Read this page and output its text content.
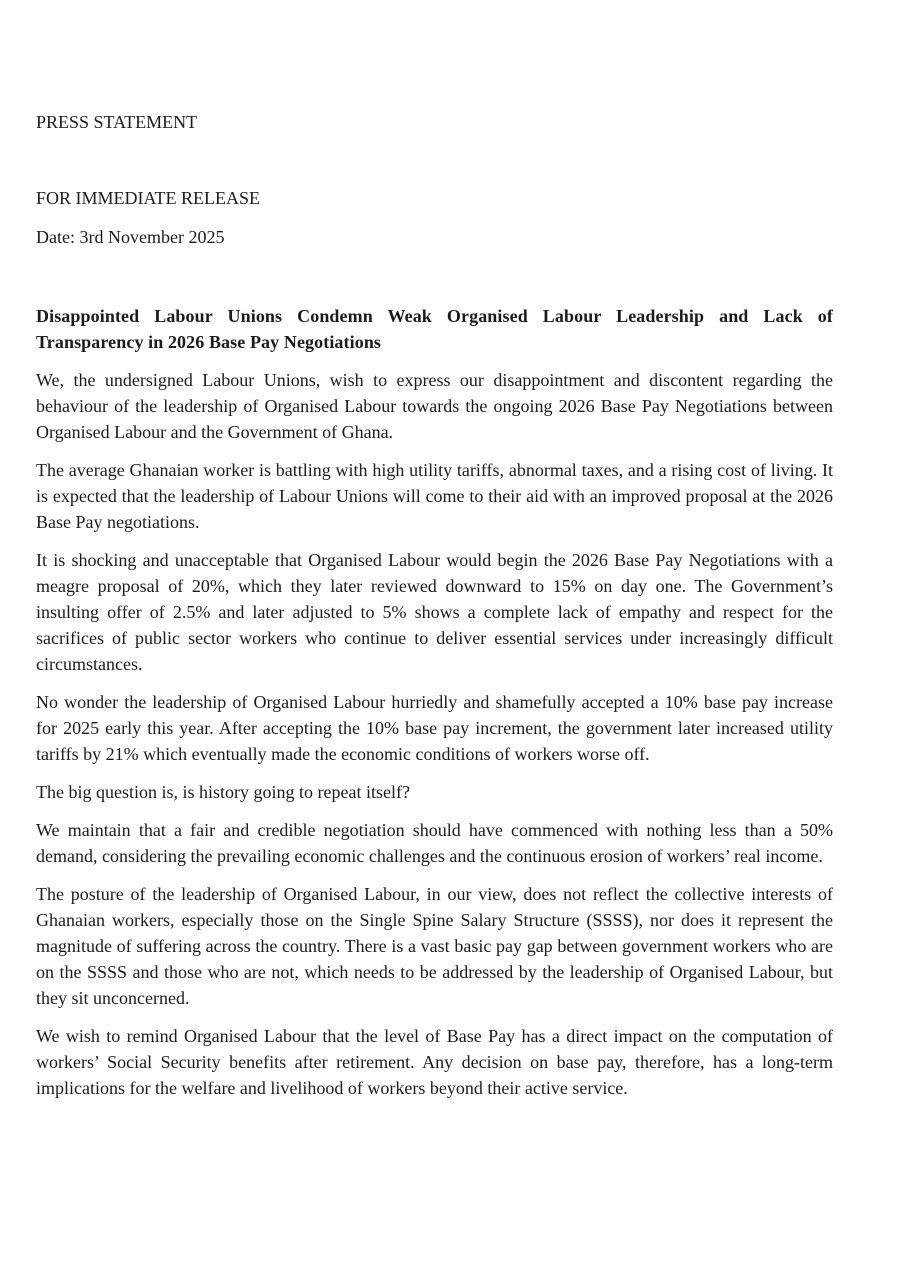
PRESS STATEMENT

FOR IMMEDIATE RELEASE

Date: 3rd November 2025

Disappointed Labour Unions Condemn Weak Organised Labour Leadership and Lack of Transparency in 2026 Base Pay Negotiations

We, the undersigned Labour Unions, wish to express our disappointment and discontent regarding the behaviour of the leadership of Organised Labour towards the ongoing 2026 Base Pay Negotiations between Organised Labour and the Government of Ghana.

The average Ghanaian worker is battling with high utility tariffs, abnormal taxes, and a rising cost of living. It is expected that the leadership of Labour Unions will come to their aid with an improved proposal at the 2026 Base Pay negotiations.

It is shocking and unacceptable that Organised Labour would begin the 2026 Base Pay Negotiations with a meagre proposal of 20%, which they later reviewed downward to 15% on day one. The Government’s insulting offer of 2.5% and later adjusted to 5% shows a complete lack of empathy and respect for the sacrifices of public sector workers who continue to deliver essential services under increasingly difficult circumstances.

No wonder the leadership of Organised Labour hurriedly and shamefully accepted a 10% base pay increase for 2025 early this year. After accepting the 10% base pay increment, the government later increased utility tariffs by 21% which eventually made the economic conditions of workers worse off.

The big question is, is history going to repeat itself?

We maintain that a fair and credible negotiation should have commenced with nothing less than a 50% demand, considering the prevailing economic challenges and the continuous erosion of workers’ real income.

The posture of the leadership of Organised Labour, in our view, does not reflect the collective interests of Ghanaian workers, especially those on the Single Spine Salary Structure (SSSS), nor does it represent the magnitude of suffering across the country. There is a vast basic pay gap between government workers who are on the SSSS and those who are not, which needs to be addressed by the leadership of Organised Labour, but they sit unconcerned.

We wish to remind Organised Labour that the level of Base Pay has a direct impact on the computation of workers’ Social Security benefits after retirement. Any decision on base pay, therefore, has a long-term implications for the welfare and livelihood of workers beyond their active service.
